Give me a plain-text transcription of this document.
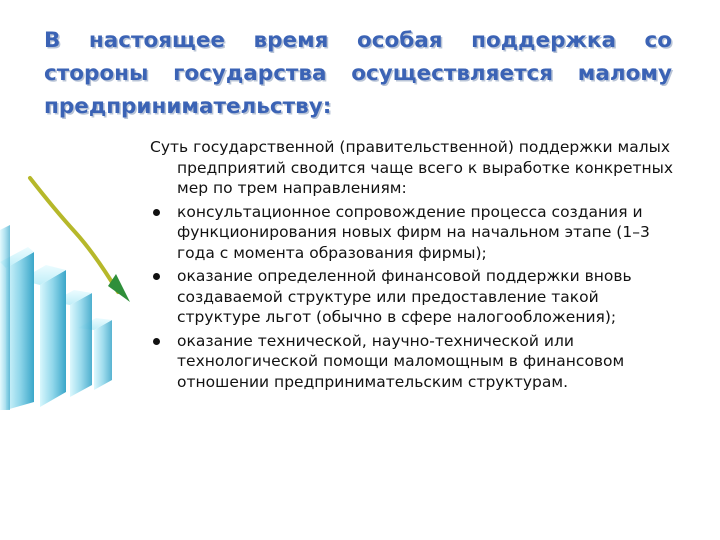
В настоящее время особая поддержка со стороны государства осуществляется малому предпринимательству:

Суть государственной (правительственной) поддержки малых предприятий сводится чаще всего к выработке конкретных мер по трем направлениям:

консультационное сопровождение процесса создания и функционирования новых фирм на начальном этапе (1–3 года с момента образования фирмы);
оказание определенной финансовой поддержки вновь создаваемой структуре или предоставление такой структуре льгот (обычно в сфере налогообложения);
оказание технической, научно-технической или технологической помощи маломощным в финансовом отношении предпринимательским структурам.
